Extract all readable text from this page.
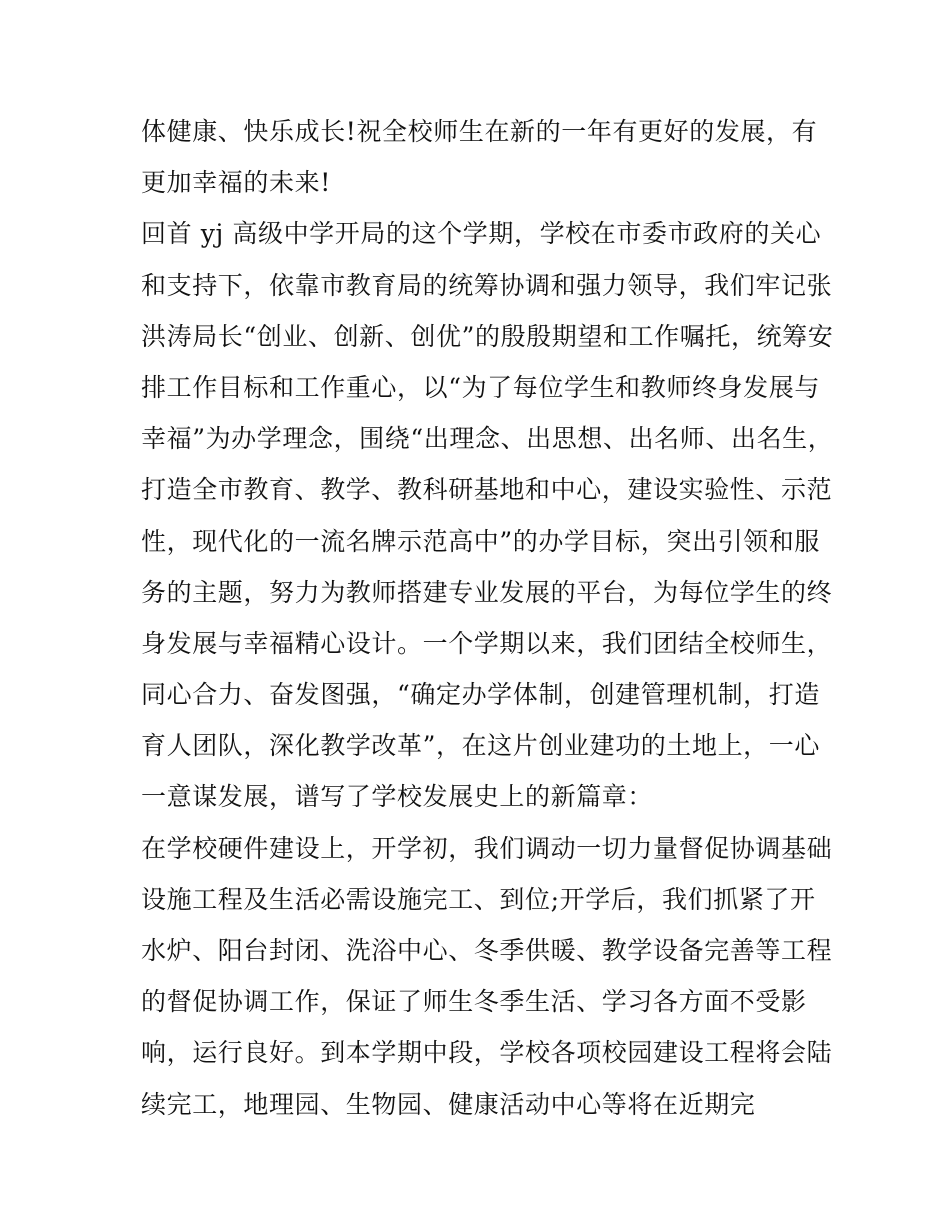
体健康、快乐成长!祝全校师生在新的一年有更好的发展，有
更加幸福的未来!
回首 yj 高级中学开局的这个学期，学校在市委市政府的关心
和支持下，依靠市教育局的统筹协调和强力领导，我们牢记张
洪涛局长“创业、创新、创优”的殷殷期望和工作嘱托，统筹安
排工作目标和工作重心，以“为了每位学生和教师终身发展与
幸福”为办学理念，围绕“出理念、出思想、出名师、出名生，
打造全市教育、教学、教科研基地和中心，建设实验性、示范
性，现代化的一流名牌示范高中”的办学目标，突出引领和服
务的主题，努力为教师搭建专业发展的平台，为每位学生的终
身发展与幸福精心设计。一个学期以来，我们团结全校师生，
同心合力、奋发图强，“确定办学体制，创建管理机制，打造
育人团队，深化教学改革”，在这片创业建功的土地上，一心
一意谋发展，谱写了学校发展史上的新篇章：
在学校硬件建设上，开学初，我们调动一切力量督促协调基础
设施工程及生活必需设施完工、到位;开学后，我们抓紧了开
水炉、阳台封闭、洗浴中心、冬季供暖、教学设备完善等工程
的督促协调工作，保证了师生冬季生活、学习各方面不受影
响，运行良好。到本学期中段，学校各项校园建设工程将会陆
续完工，地理园、生物园、健康活动中心等将在近期完
